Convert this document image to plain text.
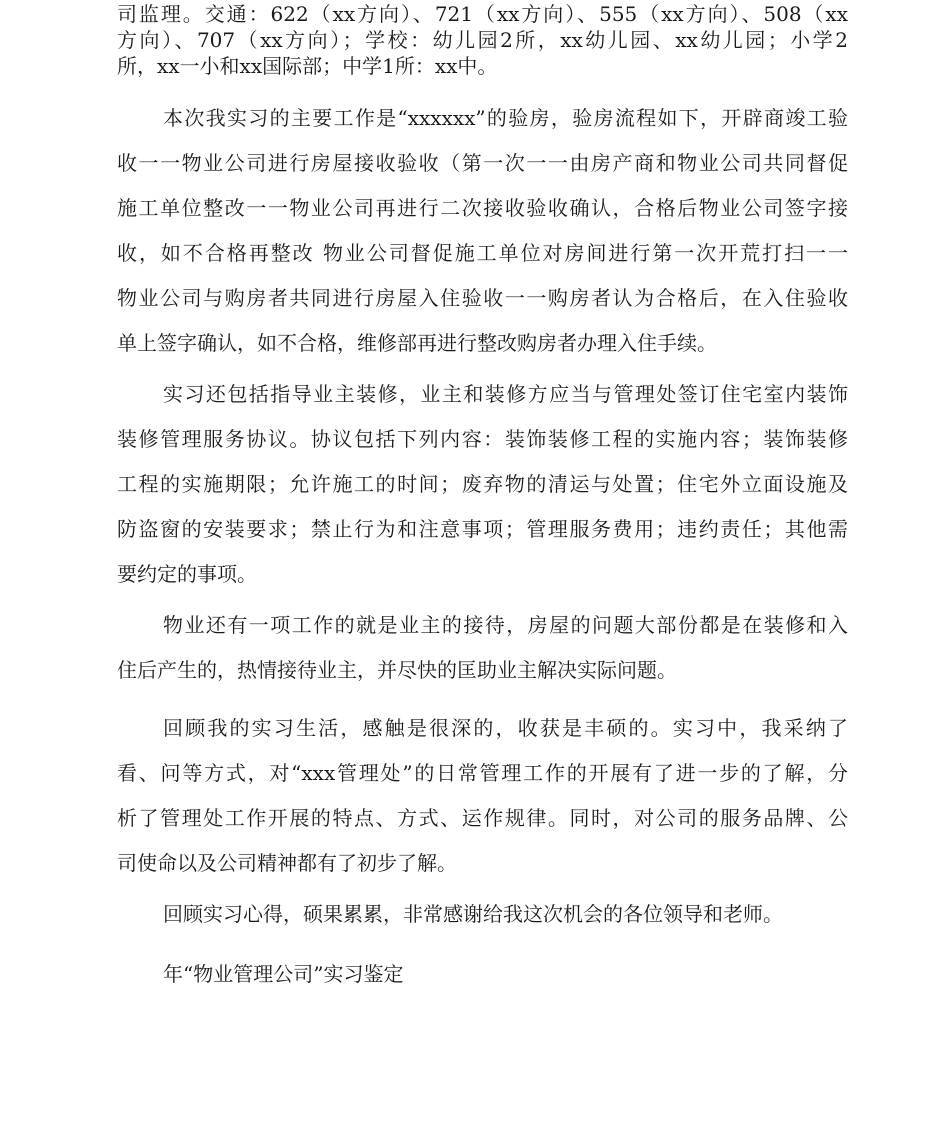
司监理。交通：622（xx方向）、721（xx方向）、555（xx方向）、508（xx
方向）、707（xx方向）；学校：幼儿园2所，xx幼儿园、xx幼儿园；小学2
所，xx一小和xx国际部；中学1所：xx中。
本次我实习的主要工作是“xxxxxx”的验房，验房流程如下，开辟商竣工验
收一一物业公司进行房屋接收验收（第一次一一由房产商和物业公司共同督促
施工单位整改一一物业公司再进行二次接收验收确认，合格后物业公司签字接
收，如不合格再整改 物业公司督促施工单位对房间进行第一次开荒打扫一一
物业公司与购房者共同进行房屋入住验收一一购房者认为合格后，在入住验收
单上签字确认，如不合格，维修部再进行整改购房者办理入住手续。
实习还包括指导业主装修，业主和装修方应当与管理处签订住宅室内装饰
装修管理服务协议。协议包括下列内容：装饰装修工程的实施内容；装饰装修
工程的实施期限；允许施工的时间；废弃物的清运与处置；住宅外立面设施及
防盗窗的安装要求；禁止行为和注意事项；管理服务费用；违约责任；其他需
要约定的事项。
物业还有一项工作的就是业主的接待，房屋的问题大部份都是在装修和入
住后产生的，热情接待业主，并尽快的匡助业主解决实际问题。
回顾我的实习生活，感触是很深的，收获是丰硕的。实习中，我采纳了
看、问等方式，对“xxx管理处”的日常管理工作的开展有了进一步的了解，分
析了管理处工作开展的特点、方式、运作规律。同时，对公司的服务品牌、公
司使命以及公司精神都有了初步了解。
回顾实习心得，硕果累累，非常感谢给我这次机会的各位领导和老师。
年“物业管理公司”实习鉴定
